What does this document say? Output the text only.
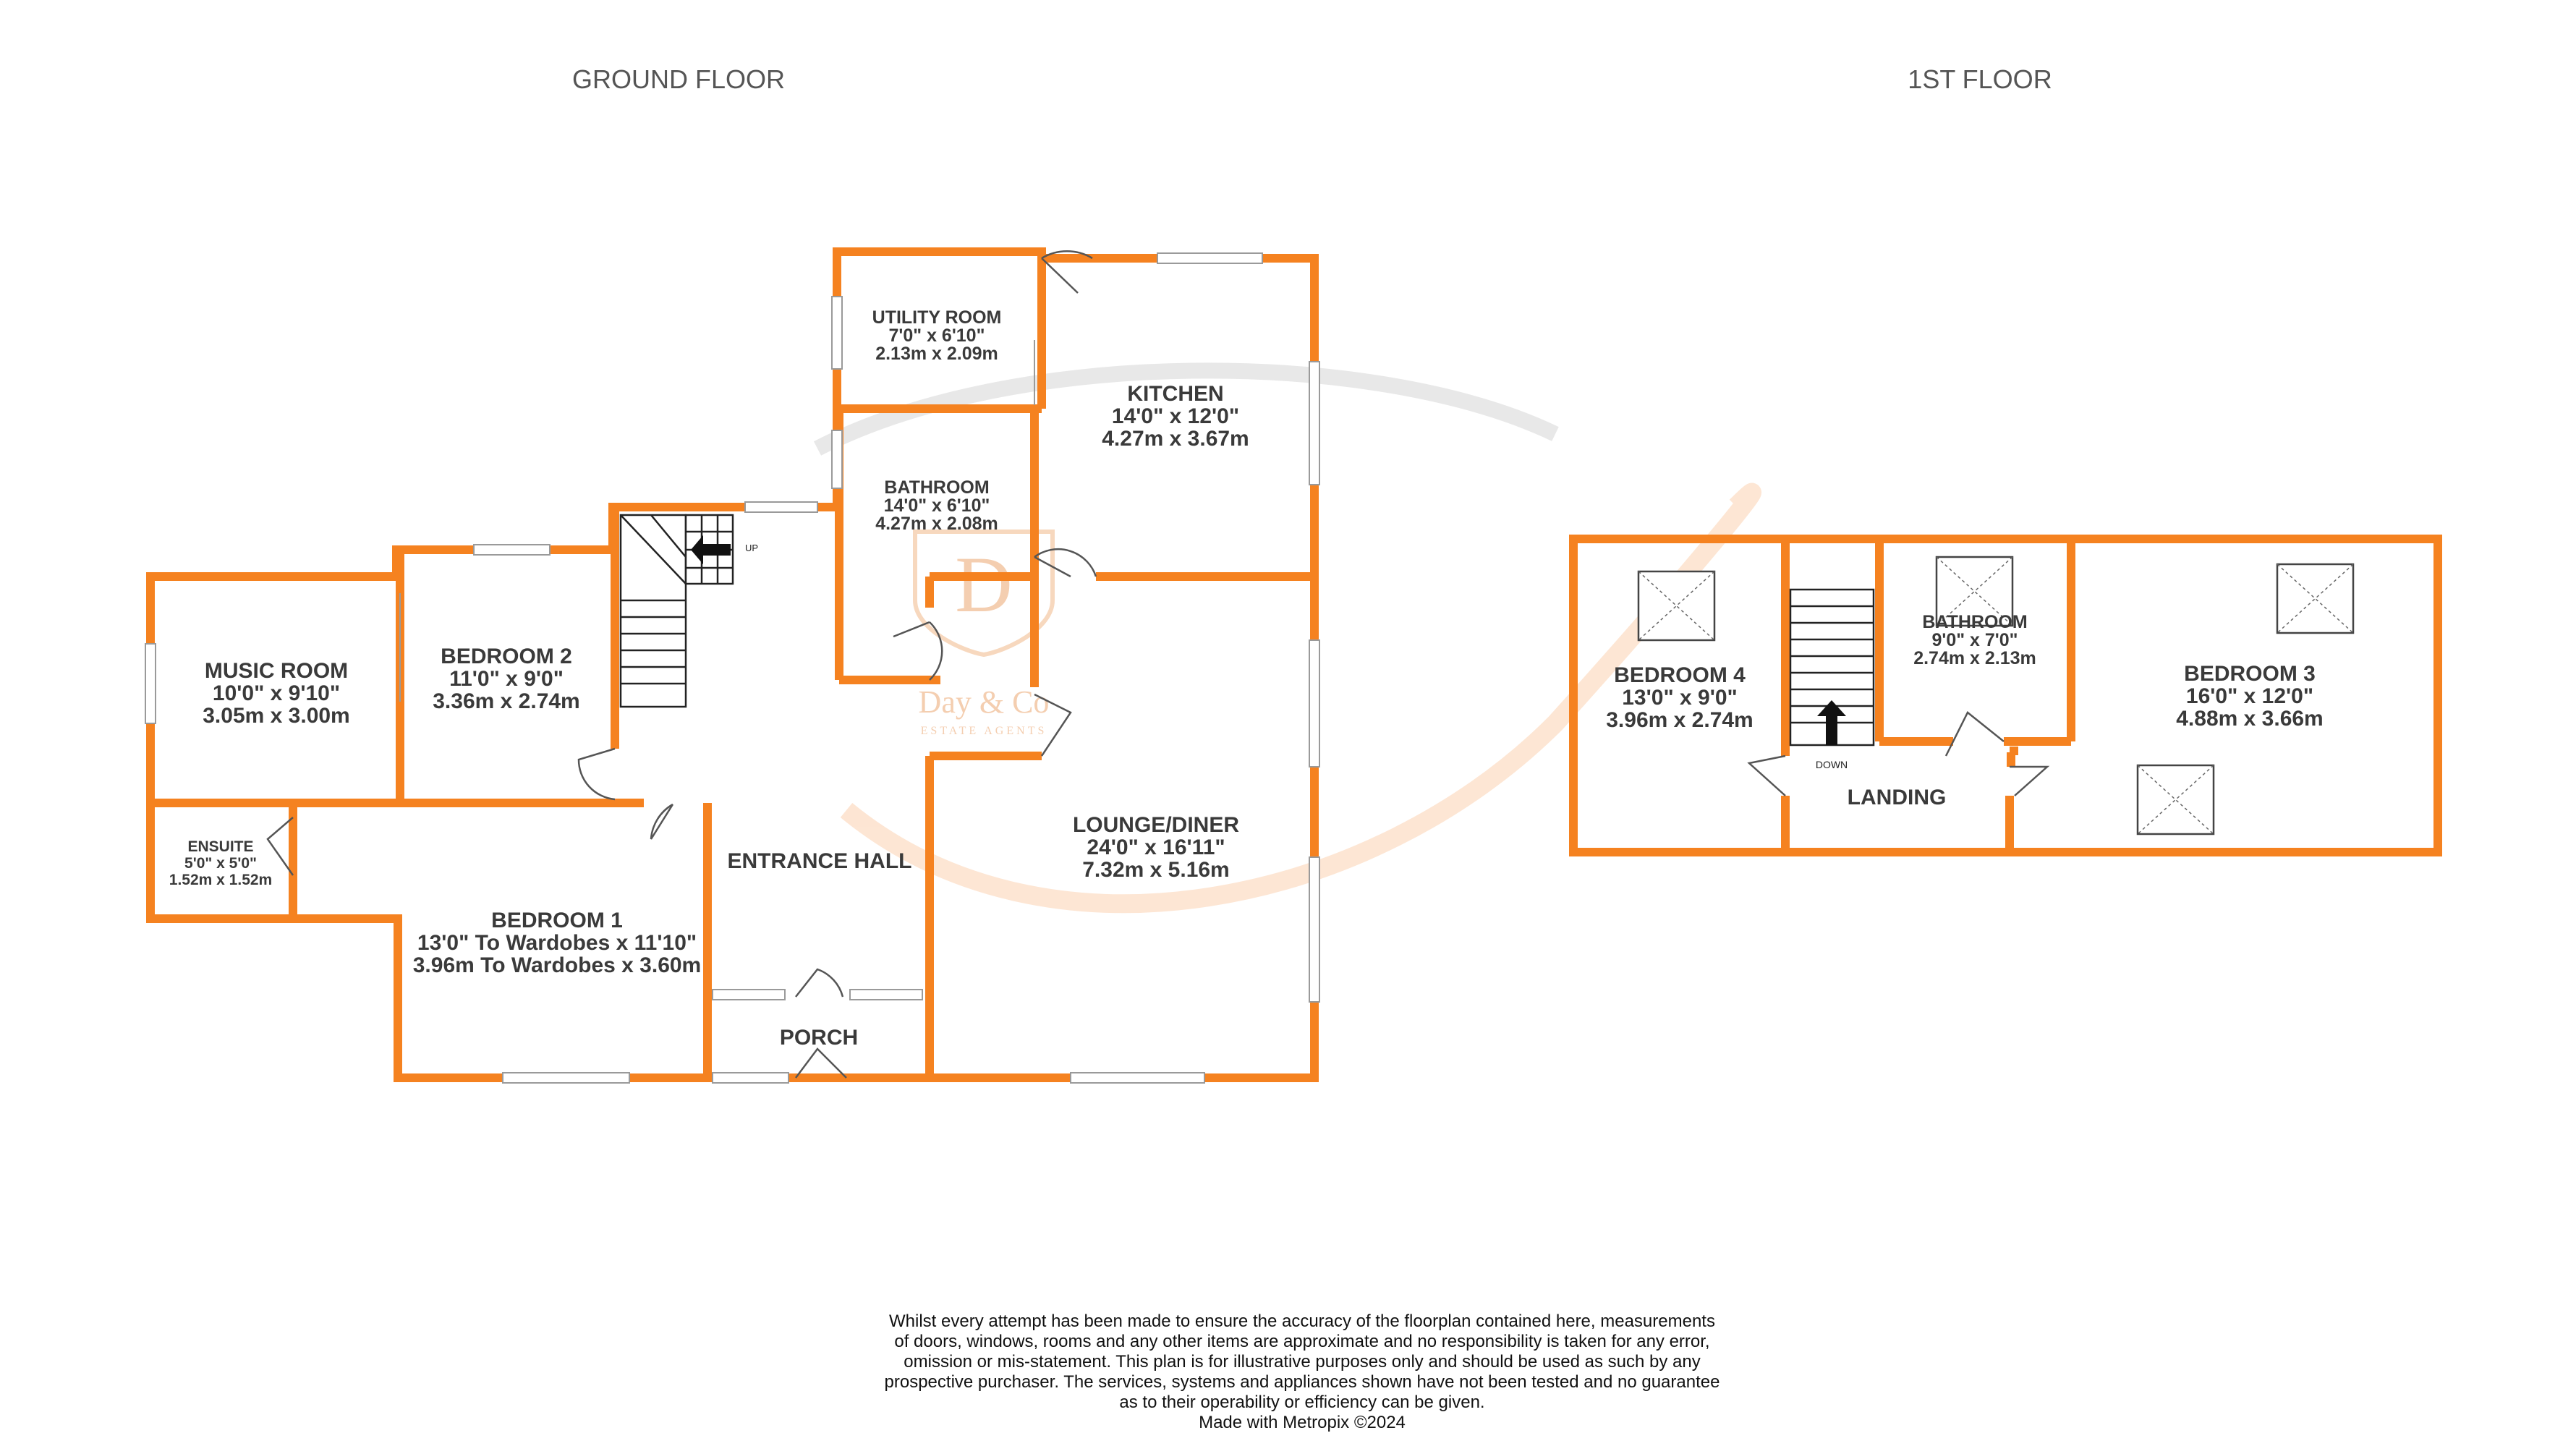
GROUND FLOOR	1ST FLOOR
D
Day & Co
ESTATE AGENTS
UP
UTILITY ROOM
7'0" x 6'10"
2.13m x 2.09m
KITCHEN
14'0" x 12'0"
4.27m x 3.67m
BATHROOM
14'0" x 6'10"
4.27m x 2.08m
MUSIC ROOM
10'0" x 9'10"
3.05m x 3.00m
BEDROOM 2
11'0" x 9'0"
3.36m x 2.74m
ENSUITE
5'0" x 5'0"
1.52m x 1.52m
BEDROOM 1
13'0" To Wardobes x 11'10"
3.96m To Wardobes x 3.60m
ENTRANCE HALL
LOUNGE/DINER
24'0" x 16'11"
7.32m x 5.16m
PORCH
DOWN
BEDROOM 4
13'0" x 9'0"
3.96m x 2.74m
BATHROOM
9'0" x 7'0"
2.74m x 2.13m
BEDROOM 3
16'0" x 12'0"
4.88m x 3.66m
LANDING
Whilst every attempt has been made to ensure the accuracy of the floorplan contained here, measurements
of doors, windows, rooms and any other items are approximate and no responsibility is taken for any error,
omission or mis-statement. This plan is for illustrative purposes only and should be used as such by any
prospective purchaser. The services, systems and appliances shown have not been tested and no guarantee
as to their operability or efficiency can be given.
Made with Metropix ©2024
